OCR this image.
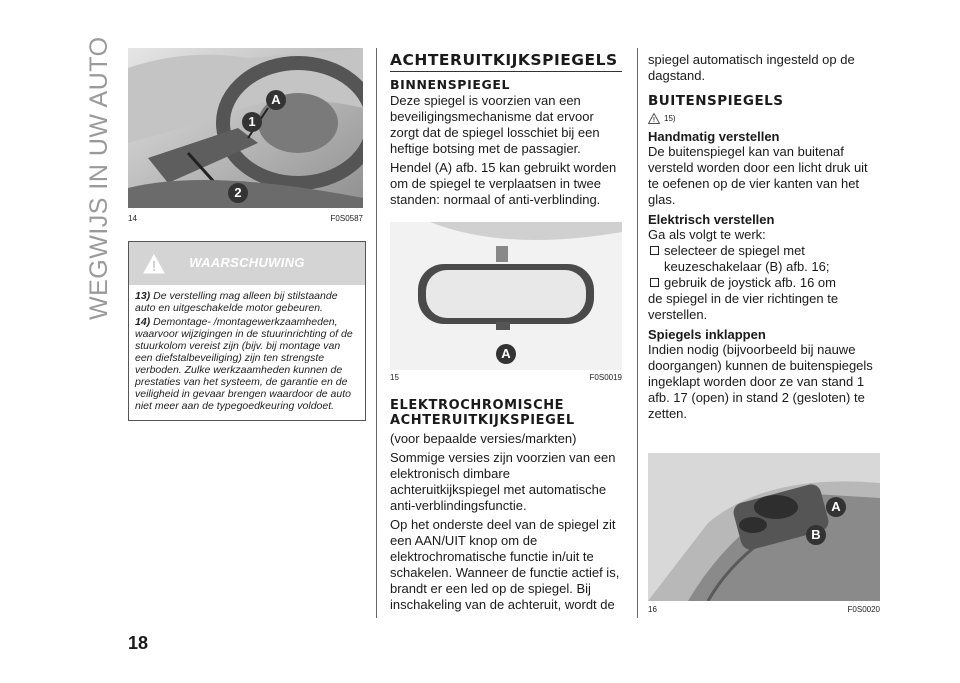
WEGWIJS IN UW AUTO	A
1
2
14	F0S0587
WAARSCHUWING

13) De verstelling mag alleen bij stilstaande auto en uitgeschakelde motor gebeuren.

14) Demontage- /montagewerkzaamheden, waarvoor wijzigingen in de stuurinrichting of de stuurkolom vereist zijn (bijv. bij montage van een diefstalbeveiliging) zijn ten strengste verboden. Zulke werkzaamheden kunnen de prestaties van het systeem, de garantie en de veiligheid in gevaar brengen waardoor de auto niet meer aan de typegoedkeuring voldoet.

ACHTERUITKIJKSPIEGELS
BINNENSPIEGEL

Deze spiegel is voorzien van een beveiligingsmechanisme dat ervoor zorgt dat de spiegel losschiet bij een heftige botsing met de passagier.

Hendel (A) afb. 15 kan gebruikt worden om de spiegel te verplaatsen in twee standen: normaal of anti-verblinding.

A
15	F0S0019
ELEKTROCHROMISCHE
ACHTERUITKIJKSPIEGEL

(voor bepaalde versies/markten)

Sommige versies zijn voorzien van een elektronisch dimbare achteruitkijkspiegel met automatische anti-verblindingsfunctie.

Op het onderste deel van de spiegel zit een AAN/UIT knop om de elektrochromatische functie in/uit te schakelen. Wanneer de functie actief is, brandt er een led op de spiegel. Bij inschakeling van de achteruit, wordt de

spiegel automatisch ingesteld op de dagstand.

BUITENSPIEGELS
15)
Handmatig verstellen

De buitenspiegel kan van buitenaf versteld worden door een licht druk uit te oefenen op de vier kanten van het glas.

Elektrisch verstellen

Ga als volgt te werk:

selecteer de spiegel met keuzeschakelaar (B) afb. 16;
gebruik de joystick afb. 16 om

de spiegel in de vier richtingen te verstellen.

Spiegels inklappen

Indien nodig (bijvoorbeeld bij nauwe doorgangen) kunnen de buitenspiegels ingeklapt worden door ze van stand 1 afb. 17 (open) in stand 2 (gesloten) te zetten.

A
B
16	F0S0020
18
